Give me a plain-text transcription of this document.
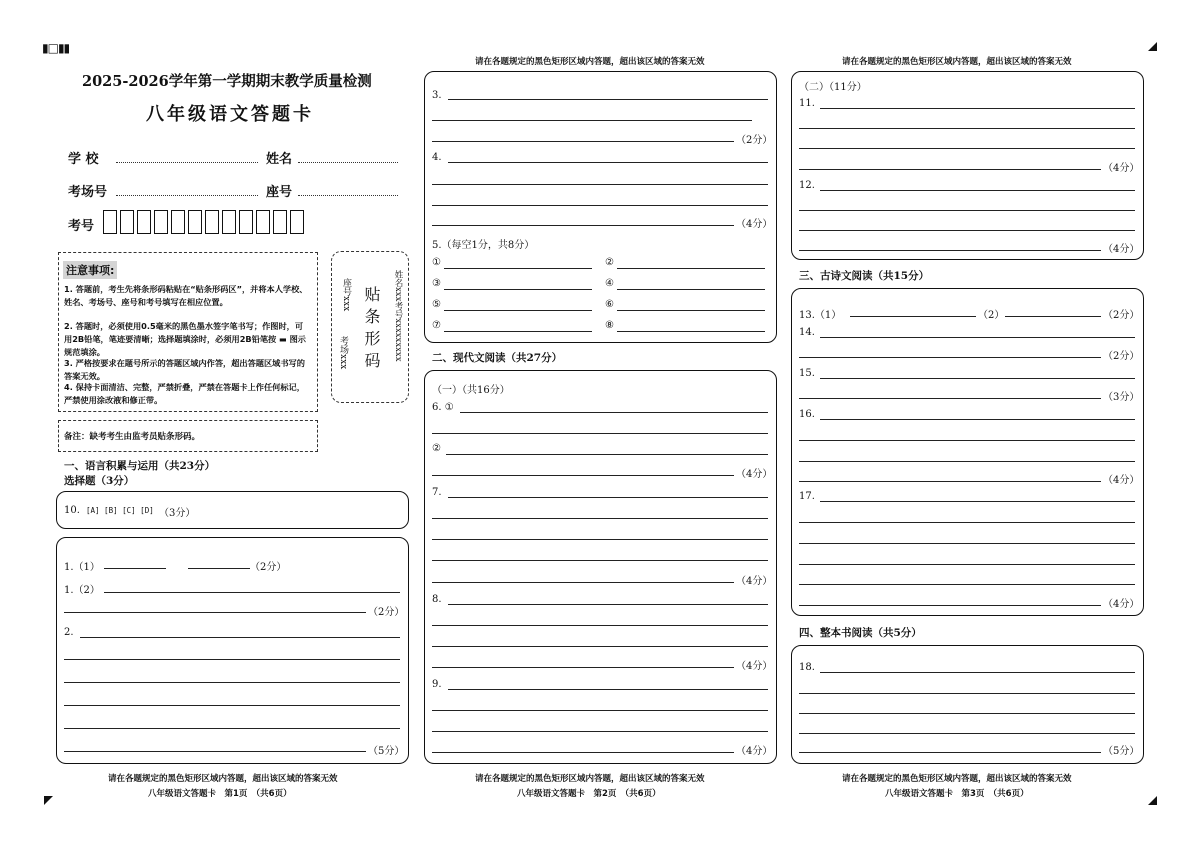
▮□▮▮
2025-2026学年第一学期期末教学质量检测
八年级语文答题卡
学 校	姓名
考场号	座号
考号
注意事项:
1. 答题前，考生先将条形码粘贴在“贴条形码区”，并将本人学校、姓名、考场号、座号和考号填写在相应位置。
2. 答题时，必须使用0.5毫米的黑色墨水签字笔书写；作图时，可用2B铅笔，笔迹要清晰；选择题填涂时，必须用2B铅笔按 ▬ 图示规范填涂。
3. 严格按要求在题号所示的答题区域内作答，超出答题区域书写的答案无效。
4. 保持卡面清洁、完整，严禁折叠，严禁在答题卡上作任何标记，严禁使用涂改液和修正带。
考场xxx
座号xxx 贴条形码 姓名xxx考号xxxxxxxxx
备注：缺考考生由监考员贴条形码。
一、语言积累与运用（共23分）
选择题（3分）
10. [A] [B] [C] [D] （3分）
1.（1）	（2分）
1.（2）
（2分）
2.
（5分）
请在各题规定的黑色矩形区域内答题，超出该区域的答案无效
八年级语文答题卡　第1页　（共6页）
请在各题规定的黑色矩形区域内答题，超出该区域的答案无效
3.
（2分）
4.
（4分）
5.（每空1分，共8分）
①	②
③	④
⑤	⑥
⑦	⑧
二、现代文阅读（共27分）
（一）（共16分）
6. ①
②
（4分）
7.
（4分）
8.
（4分）
9.
（4分）
请在各题规定的黑色矩形区域内答题，超出该区域的答案无效
八年级语文答题卡　第2页　（共6页）
请在各题规定的黑色矩形区域内答题，超出该区域的答案无效
（二）（11分）
11.
（4分）
12.
（4分）
三、古诗文阅读（共15分）
13.（1）	（2）	（2分）
14.
（2分）
15.
（3分）
16.
（4分）
17.
（4分）
四、整本书阅读（共5分）
18.
（5分）
请在各题规定的黑色矩形区域内答题，超出该区域的答案无效
八年级语文答题卡　第3页　（共6页）
